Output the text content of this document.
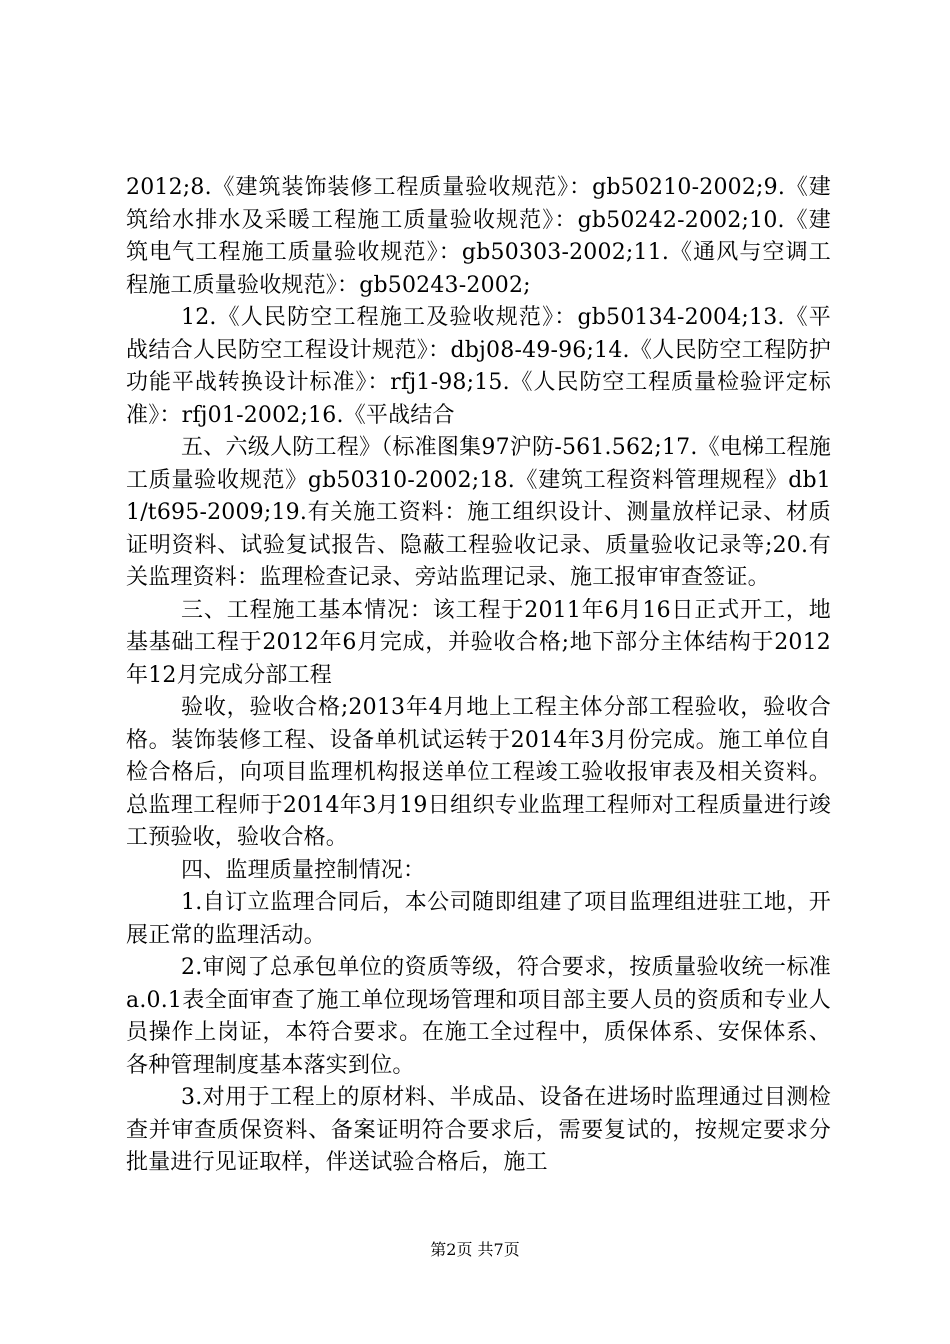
2012;8.《建筑装饰装修工程质量验收规范》：gb50210-2002;9.《建筑给水排水及采暖工程施工质量验收规范》：gb50242-2002;10.《建筑电气工程施工质量验收规范》：gb50303-2002;11.《通风与空调工程施工质量验收规范》：gb50243-2002;

12.《人民防空工程施工及验收规范》：gb50134-2004;13.《平战结合人民防空工程设计规范》：dbj08-49-96;14.《人民防空工程防护功能平战转换设计标准》：rfj1-98;15.《人民防空工程质量检验评定标准》：rfj01-2002;16.《平战结合

五、六级人防工程》（标准图集97沪防-561.562;17.《电梯工程施工质量验收规范》gb50310-2002;18.《建筑工程资料管理规程》db11/t695-2009;19.有关施工资料：施工组织设计、测量放样记录、材质证明资料、试验复试报告、隐蔽工程验收记录、质量验收记录等;20.有关监理资料：监理检查记录、旁站监理记录、施工报审审查签证。

三、工程施工基本情况：该工程于2011年6月16日正式开工，地基基础工程于2012年6月完成，并验收合格;地下部分主体结构于2012年12月完成分部工程

验收，验收合格;2013年4月地上工程主体分部工程验收，验收合格。装饰装修工程、设备单机试运转于2014年3月份完成。施工单位自检合格后，向项目监理机构报送单位工程竣工验收报审表及相关资料。总监理工程师于2014年3月19日组织专业监理工程师对工程质量进行竣工预验收，验收合格。

四、监理质量控制情况：

1.自订立监理合同后，本公司随即组建了项目监理组进驻工地，开展正常的监理活动。

2.审阅了总承包单位的资质等级，符合要求，按质量验收统一标准a.0.1表全面审查了施工单位现场管理和项目部主要人员的资质和专业人员操作上岗证，本符合要求。在施工全过程中，质保体系、安保体系、各种管理制度基本落实到位。

3.对用于工程上的原材料、半成品、设备在进场时监理通过目测检查并审查质保资料、备案证明符合要求后，需要复试的，按规定要求分批量进行见证取样，伴送试验合格后，施工

第2页 共7页
